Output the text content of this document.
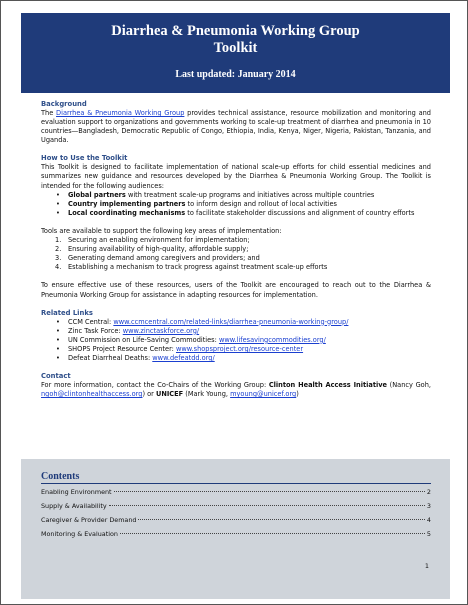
Diarrhea & Pneumonia Working Group
Toolkit
Last updated: January 2014
Background

The Diarrhea & Pneumonia Working Group provides technical assistance, resource mobilization and monitoring and evaluation support to organizations and governments working to scale-up treatment of diarrhea and pneumonia in 10 countries—Bangladesh, Democratic Republic of Congo, Ethiopia, India, Kenya, Niger, Nigeria, Pakistan, Tanzania, and Uganda.

How to Use the Toolkit

This Toolkit is designed to facilitate implementation of national scale-up efforts for child essential medicines and summarizes new guidance and resources developed by the Diarrhea & Pneumonia Working Group. The Toolkit is intended for the following audiences:

• Global partners with treatment scale-up programs and initiatives across multiple countries
• Country implementing partners to inform design and rollout of local activities
• Local coordinating mechanisms to facilitate stakeholder discussions and alignment of country efforts

Tools are available to support the following key areas of implementation:

1. Securing an enabling environment for implementation;
2. Ensuring availability of high-quality, affordable supply;
3. Generating demand among caregivers and providers; and
4. Establishing a mechanism to track progress against treatment scale-up efforts

To ensure effective use of these resources, users of the Toolkit are encouraged to reach out to the Diarrhea & Pneumonia Working Group for assistance in adapting resources for implementation.

Related Links
• CCM Central: www.ccmcentral.com/related-links/diarrhea-pneumonia-working-group/
• Zinc Task Force: www.zinctaskforce.org/
• UN Commission on Life-Saving Commodities: www.lifesavingcommodities.org/
• SHOPS Project Resource Center: www.shopsproject.org/resource-center
• Defeat Diarrheal Deaths: www.defeatdd.org/
Contact

For more information, contact the Co-Chairs of the Working Group: Clinton Health Access Initiative (Nancy Goh, ngoh@clintonhealthaccess.org) or UNICEF (Mark Young, myoung@unicef.org)

Contents
Enabling Environment	2
Supply & Availability	3
Caregiver & Provider Demand	4
Monitoring & Evaluation	5
1
